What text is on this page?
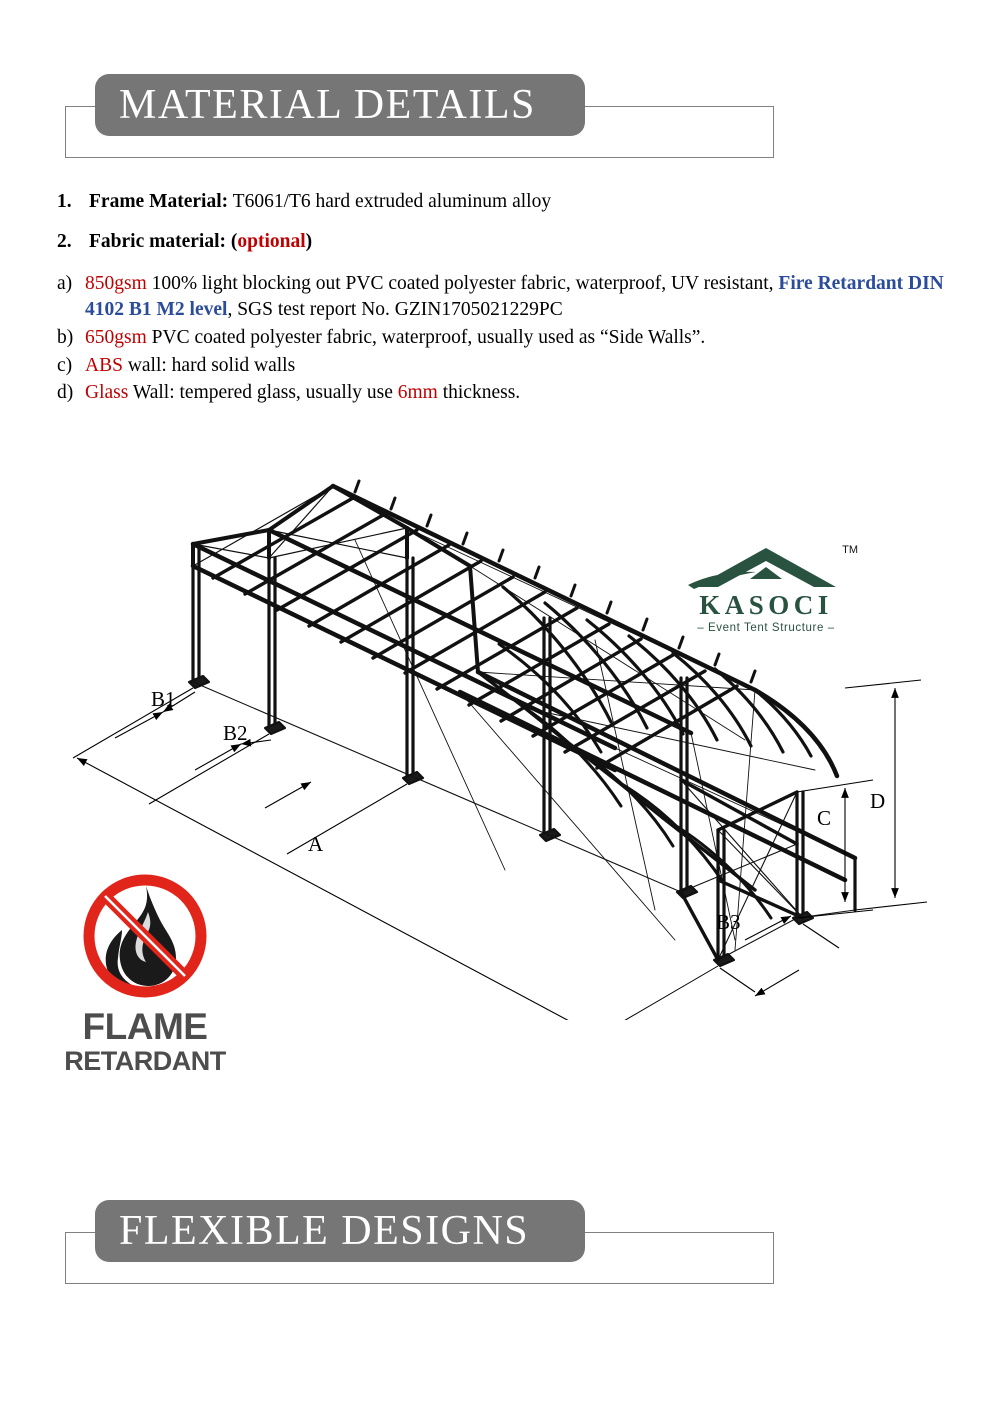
MATERIAL DETAILS
1. Frame Material: T6061/T6 hard extruded aluminum alloy
2. Fabric material: (optional)
a) 850gsm 100% light blocking out PVC coated polyester fabric, waterproof, UV resistant, Fire Retardant DIN 4102 B1 M2 level, SGS test report No. GZIN1705021229PC
b) 650gsm PVC coated polyester fabric, waterproof, usually used as “Side Walls”.
c) ABS wall: hard solid walls
d) Glass Wall: tempered glass, usually use 6mm thickness.
B1
B2
A
B3
C
D
FLAME
RETARDANT
TM
KASOCI
– Event Tent Structure –
FLEXIBLE DESIGNS
